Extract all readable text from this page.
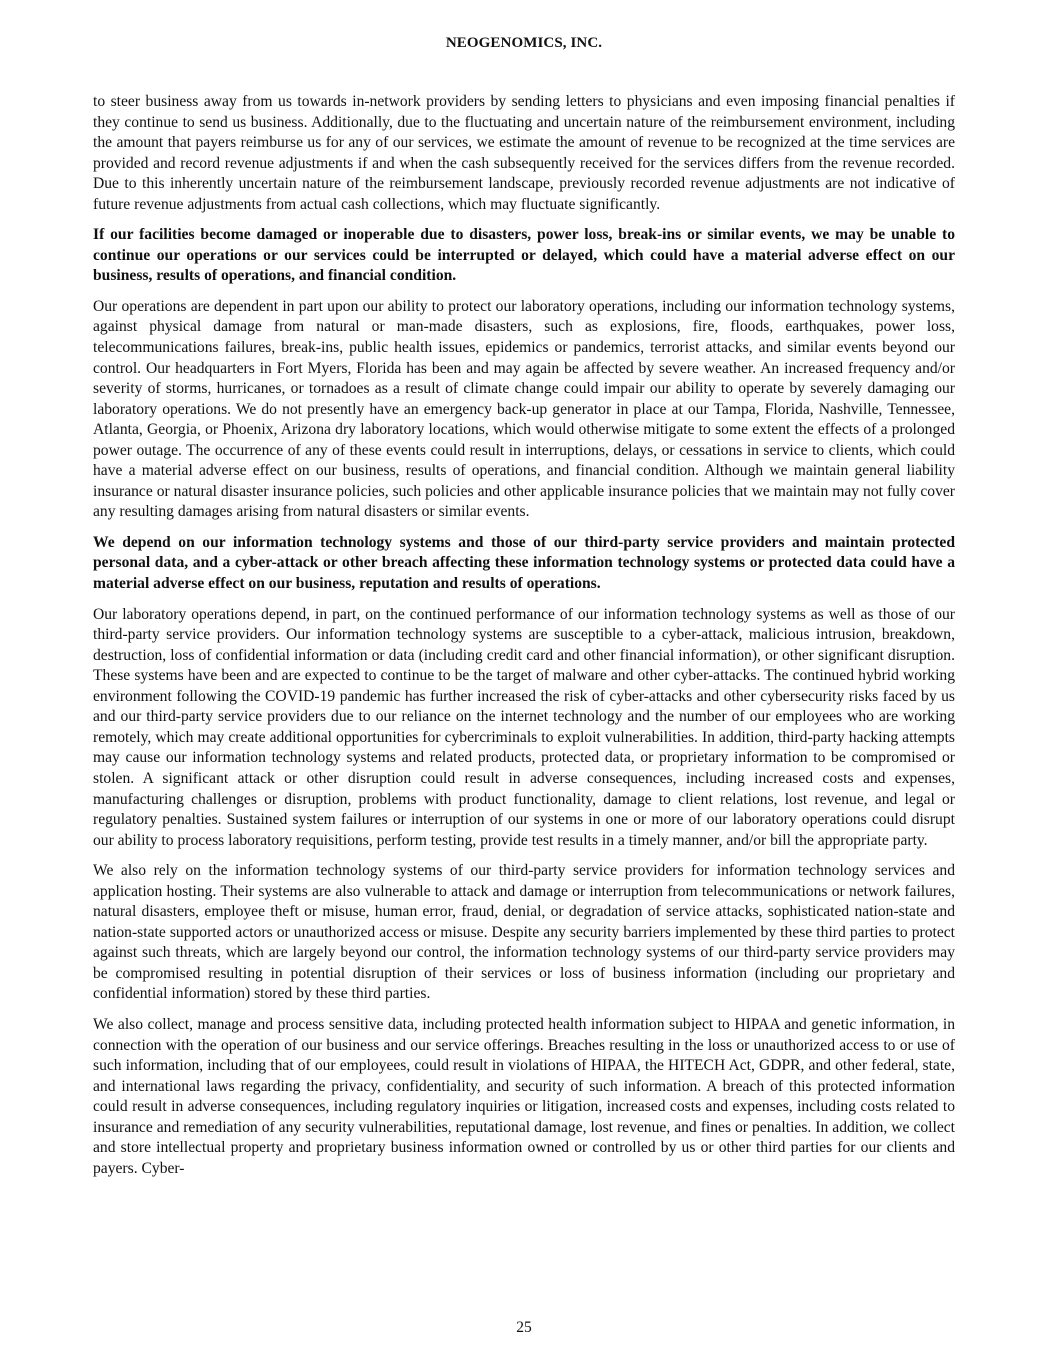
NEOGENOMICS, INC.

to steer business away from us towards in-network providers by sending letters to physicians and even imposing financial penalties if they continue to send us business. Additionally, due to the fluctuating and uncertain nature of the reimbursement environment, including the amount that payers reimburse us for any of our services, we estimate the amount of revenue to be recognized at the time services are provided and record revenue adjustments if and when the cash subsequently received for the services differs from the revenue recorded. Due to this inherently uncertain nature of the reimbursement landscape, previously recorded revenue adjustments are not indicative of future revenue adjustments from actual cash collections, which may fluctuate significantly.

If our facilities become damaged or inoperable due to disasters, power loss, break-ins or similar events, we may be unable to continue our operations or our services could be interrupted or delayed, which could have a material adverse effect on our business, results of operations, and financial condition.

Our operations are dependent in part upon our ability to protect our laboratory operations, including our information technology systems, against physical damage from natural or man-made disasters, such as explosions, fire, floods, earthquakes, power loss, telecommunications failures, break-ins, public health issues, epidemics or pandemics, terrorist attacks, and similar events beyond our control. Our headquarters in Fort Myers, Florida has been and may again be affected by severe weather. An increased frequency and/or severity of storms, hurricanes, or tornadoes as a result of climate change could impair our ability to operate by severely damaging our laboratory operations. We do not presently have an emergency back-up generator in place at our Tampa, Florida, Nashville, Tennessee, Atlanta, Georgia, or Phoenix, Arizona dry laboratory locations, which would otherwise mitigate to some extent the effects of a prolonged power outage. The occurrence of any of these events could result in interruptions, delays, or cessations in service to clients, which could have a material adverse effect on our business, results of operations, and financial condition. Although we maintain general liability insurance or natural disaster insurance policies, such policies and other applicable insurance policies that we maintain may not fully cover any resulting damages arising from natural disasters or similar events.

We depend on our information technology systems and those of our third-party service providers and maintain protected personal data, and a cyber-attack or other breach affecting these information technology systems or protected data could have a material adverse effect on our business, reputation and results of operations.

Our laboratory operations depend, in part, on the continued performance of our information technology systems as well as those of our third-party service providers. Our information technology systems are susceptible to a cyber-attack, malicious intrusion, breakdown, destruction, loss of confidential information or data (including credit card and other financial information), or other significant disruption. These systems have been and are expected to continue to be the target of malware and other cyber-attacks. The continued hybrid working environment following the COVID-19 pandemic has further increased the risk of cyber-attacks and other cybersecurity risks faced by us and our third-party service providers due to our reliance on the internet technology and the number of our employees who are working remotely, which may create additional opportunities for cybercriminals to exploit vulnerabilities. In addition, third-party hacking attempts may cause our information technology systems and related products, protected data, or proprietary information to be compromised or stolen. A significant attack or other disruption could result in adverse consequences, including increased costs and expenses, manufacturing challenges or disruption, problems with product functionality, damage to client relations, lost revenue, and legal or regulatory penalties. Sustained system failures or interruption of our systems in one or more of our laboratory operations could disrupt our ability to process laboratory requisitions, perform testing, provide test results in a timely manner, and/or bill the appropriate party.

We also rely on the information technology systems of our third-party service providers for information technology services and application hosting. Their systems are also vulnerable to attack and damage or interruption from telecommunications or network failures, natural disasters, employee theft or misuse, human error, fraud, denial, or degradation of service attacks, sophisticated nation-state and nation-state supported actors or unauthorized access or misuse. Despite any security barriers implemented by these third parties to protect against such threats, which are largely beyond our control, the information technology systems of our third-party service providers may be compromised resulting in potential disruption of their services or loss of business information (including our proprietary and confidential information) stored by these third parties.

We also collect, manage and process sensitive data, including protected health information subject to HIPAA and genetic information, in connection with the operation of our business and our service offerings. Breaches resulting in the loss or unauthorized access to or use of such information, including that of our employees, could result in violations of HIPAA, the HITECH Act, GDPR, and other federal, state, and international laws regarding the privacy, confidentiality, and security of such information. A breach of this protected information could result in adverse consequences, including regulatory inquiries or litigation, increased costs and expenses, including costs related to insurance and remediation of any security vulnerabilities, reputational damage, lost revenue, and fines or penalties. In addition, we collect and store intellectual property and proprietary business information owned or controlled by us or other third parties for our clients and payers. Cyber-

25
